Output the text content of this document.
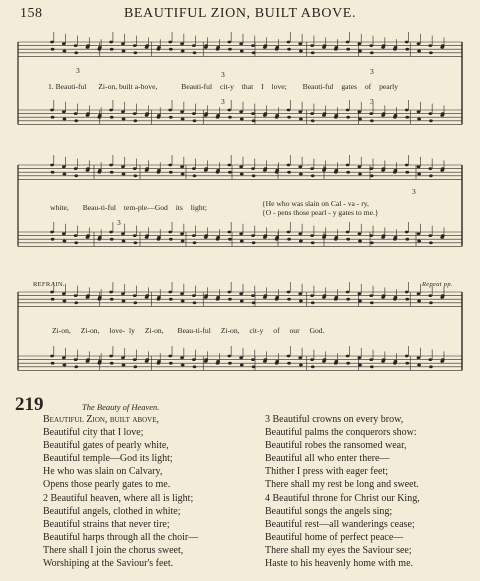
158	BEAUTIFUL ZION, BUILT ABOVE.
1. Beauti-ful Zi-on, built a-bove,	Beauti-ful cit-y that I love; Beauti-ful gates of pearly
white, Beau-ti-ful tem-ple—God its light;	{He who was slain on Cal - va - ry,
{O - pens those pearl - y gates to me.}
REFRAIN.	Repeat pp.
Zi-on, Zi-on, love- ly Zi-on, Beau-ti-ful Zi-on, cit-y of our God.
3	3	3
3	3
3
3
219	The Beauty of Heaven.
Beautiful Zion, built above,
Beautiful city that I love;
Beautiful gates of pearly white,
Beautiful temple—God its light;
He who was slain on Calvary,
Opens those pearly gates to me.
2 Beautiful heaven, where all is light;
Beautiful angels, clothed in white;
Beautiful strains that never tire;
Beautiful harps through all the choir—
There shall I join the chorus sweet,
Worshiping at the Saviour's feet.
3 Beautiful crowns on every brow,
Beautiful palms the conquerors show:
Beautiful robes the ransomed wear,
Beautiful all who enter there—
Thither I press with eager feet;
There shall my rest be long and sweet.
4 Beautiful throne for Christ our King,
Beautiful songs the angels sing;
Beautiful rest—all wanderings cease;
Beautiful home of perfect peace—
There shall my eyes the Saviour see;
Haste to his heavenly home with me.
